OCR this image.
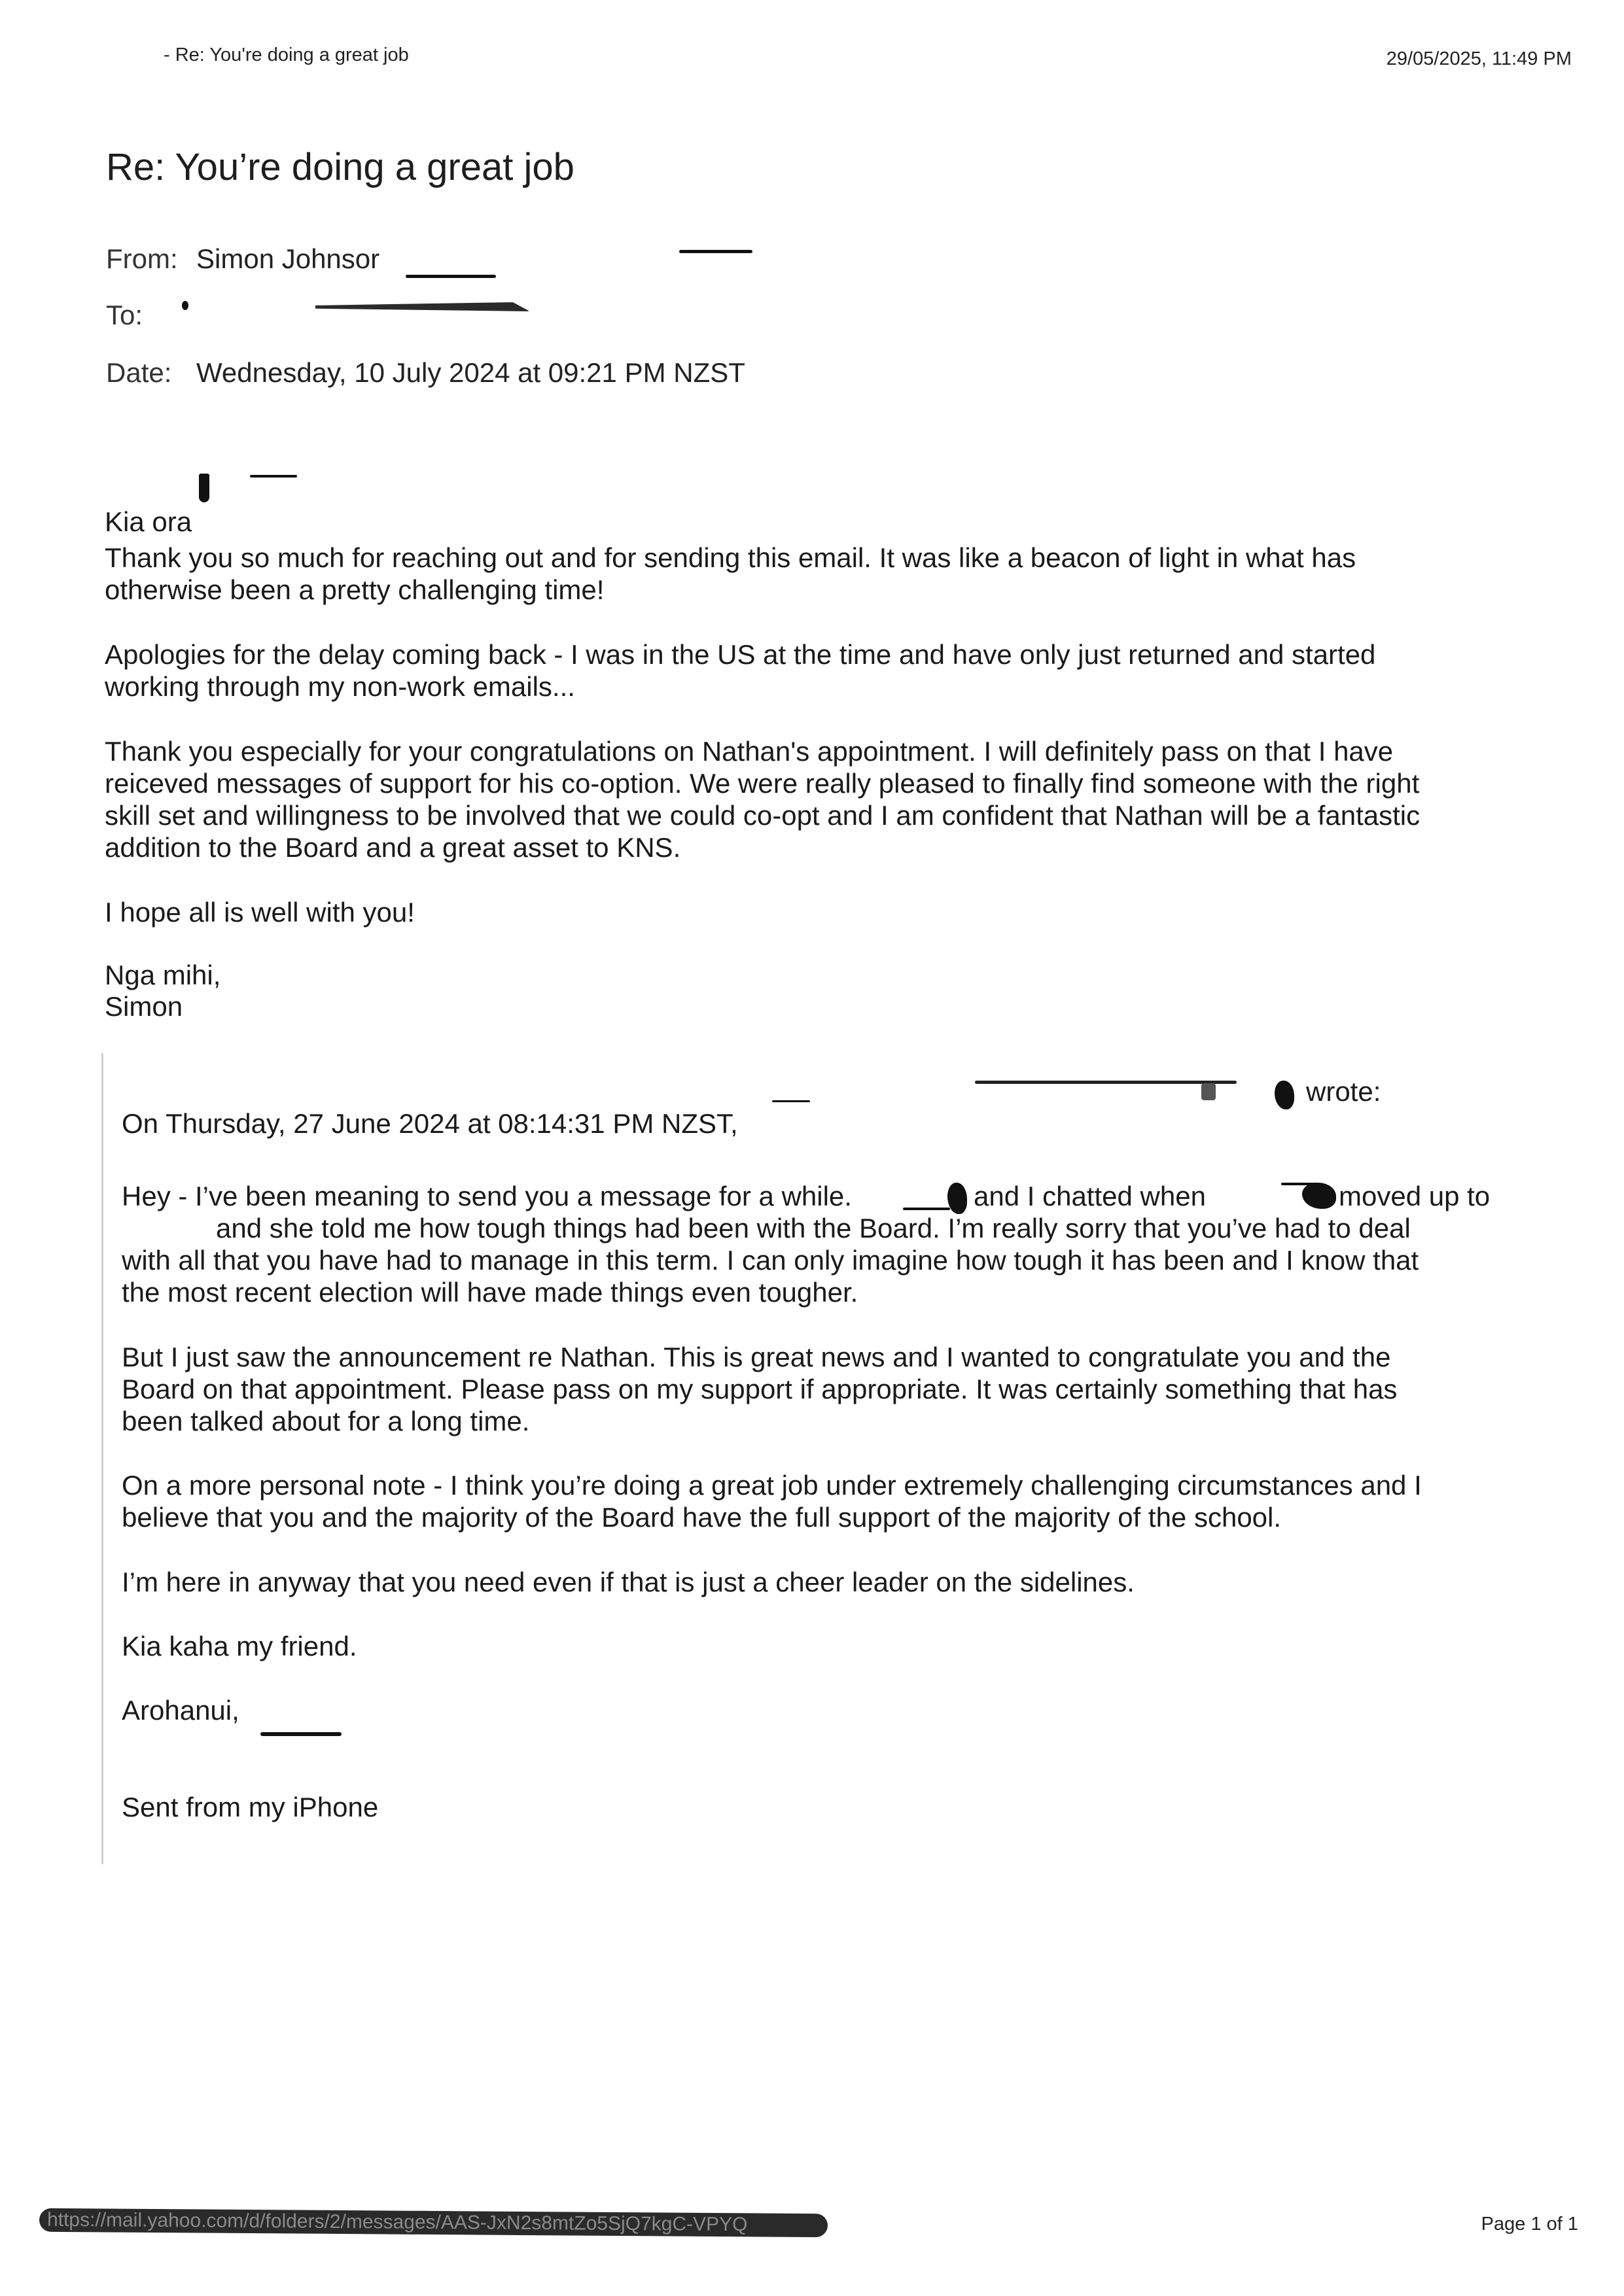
- Re: You're doing a great job	29/05/2025, 11:49 PM
Re: You’re doing a great job
From: Simon Johnsor
To:
Date: Wednesday, 10 July 2024 at 09:21 PM NZST

Kia ora

Thank you so much for reaching out and for sending this email. It was like a beacon of light in what has
otherwise been a pretty challenging time!
Apologies for the delay coming back - I was in the US at the time and have only just returned and started
working through my non-work emails...
Thank you especially for your congratulations on Nathan's appointment. I will definitely pass on that I have
reiceved messages of support for his co-option. We were really pleased to finally find someone with the right
skill set and willingness to be involved that we could co-opt and I am confident that Nathan will be a fantastic
addition to the Board and a great asset to KNS.
I hope all is well with you!
Nga mihi,
Simon

On Thursday, 27 June 2024 at 08:14:31 PM NZST,

wrote:
Hey - I’ve been meaning to send you a message for a while.	and I chatted when	moved up to
and she told me how tough things had been with the Board. I’m really sorry that you’ve had to deal
with all that you have had to manage in this term. I can only imagine how tough it has been and I know that
the most recent election will have made things even tougher.
But I just saw the announcement re Nathan. This is great news and I wanted to congratulate you and the
Board on that appointment. Please pass on my support if appropriate. It was certainly something that has
been talked about for a long time.
On a more personal note - I think you’re doing a great job under extremely challenging circumstances and I
believe that you and the majority of the Board have the full support of the majority of the school.
I’m here in anyway that you need even if that is just a cheer leader on the sidelines.
Kia kaha my friend.
Arohanui,
Sent from my iPhone
https://mail.yahoo.com/d/folders/2/messages/AAS-JxN2s8mtZo5SjQ7kgC-VPYQ	Page 1 of 1
